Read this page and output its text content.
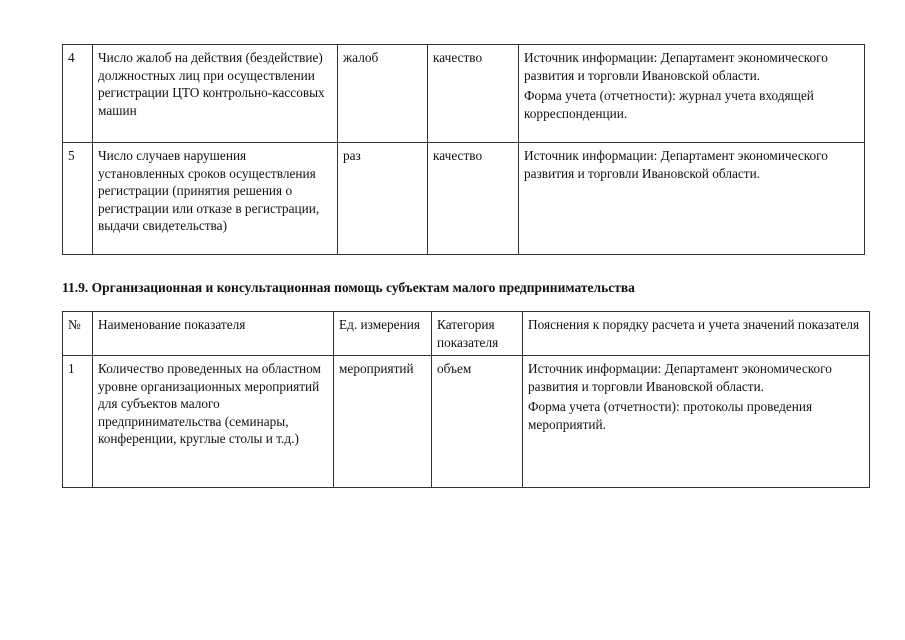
4	Число жалоб на действия (бездействие) должностных лиц при осуществлении регистрации ЦТО контрольно-кассовых машин	жалоб	качество	Источник информации: Департамент экономического развития и торговли Ивановской области.

Форма учета (отчетности): журнал учета входящей корреспонденции.

5	Число случаев нарушения установленных сроков осуществления регистрации (принятия решения о регистрации или отказе в регистрации, выдачи свидетельства)	раз	качество	Источник информации: Департамент экономического развития и торговли Ивановской области.

11.9. Организационная и консультационная помощь субъектам малого предпринимательства
№	Наименование показателя	Ед. измерения	Категория показателя	Пояснения к порядку расчета и учета значений показателя
1	Количество проведенных на областном уровне организационных мероприятий для субъектов малого предпринимательства (семинары, конференции, круглые столы и т.д.)	мероприятий	объем	Источник информации: Департамент экономического развития и торговли Ивановской области.

Форма учета (отчетности): протоколы проведения мероприятий.
